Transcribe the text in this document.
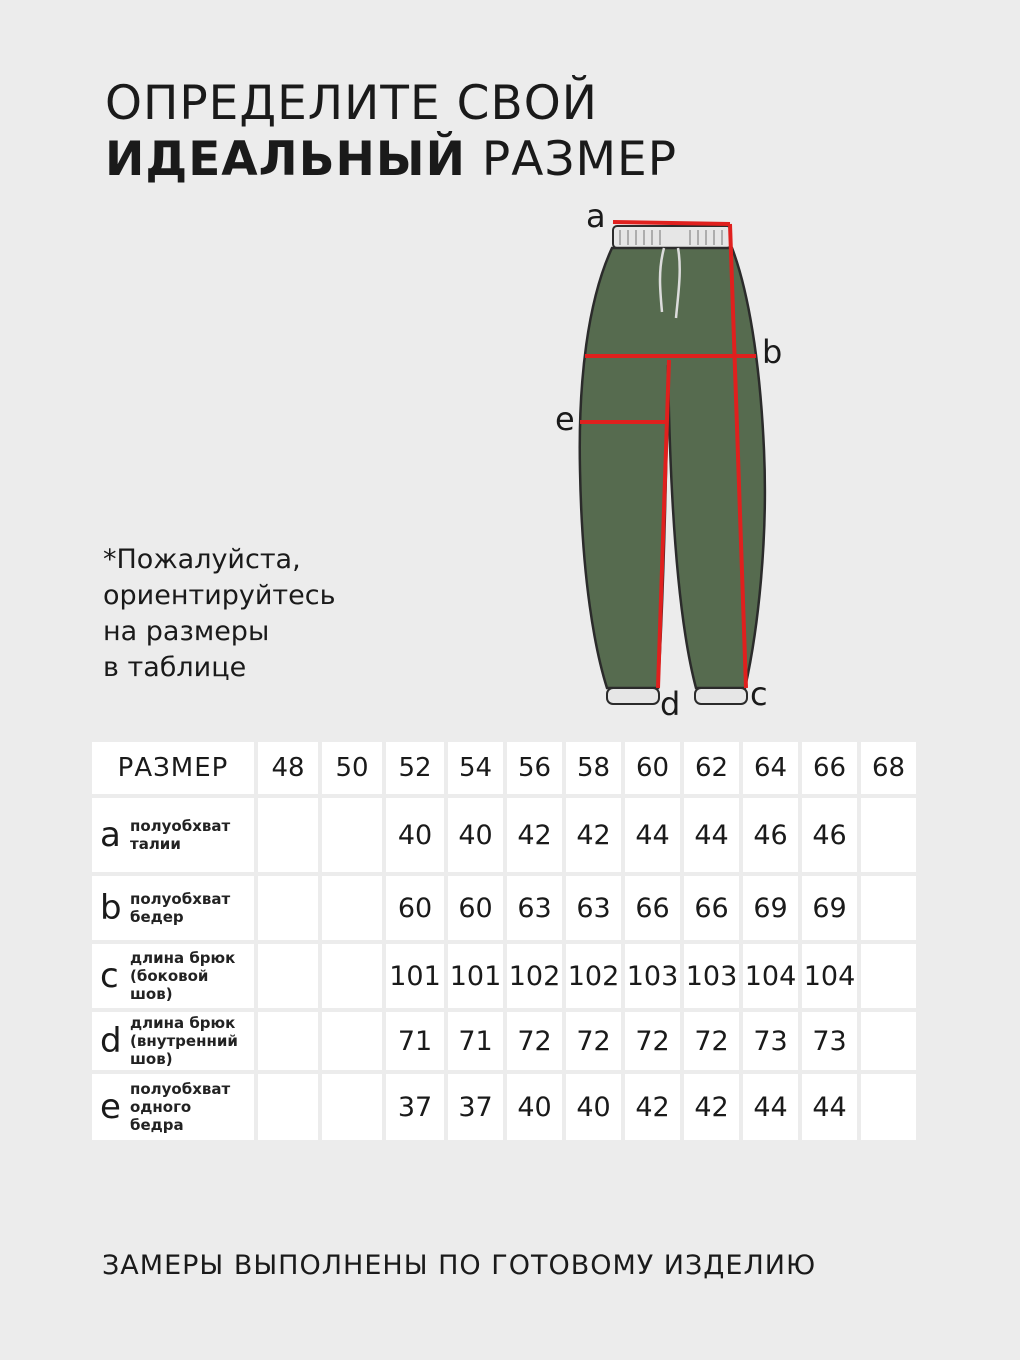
ОПРЕДЕЛИТЕ СВОЙ
ИДЕАЛЬНЫЙ РАЗМЕР
*Пожалуйста,
ориентируйтесь
на размеры
в таблице
a
b
e
d c
РАЗМЕР	48	50	52	54	56	58	60	62	64	66	68

a полуобхват
талии			40	40	42	42	44	44	46	46	

b полуобхват
бедер			60	60	63	63	66	66	69	69	

c длина брюк
(боковой
шов)			101	101	102	102	103	103	104	104	

d длина брюк
(внутренний
шов)			71	71	72	72	72	72	73	73	

e полуобхват
одного
бедра			37	37	40	40	42	42	44	44	

ЗАМЕРЫ ВЫПОЛНЕНЫ ПО ГОТОВОМУ ИЗДЕЛИЮ
